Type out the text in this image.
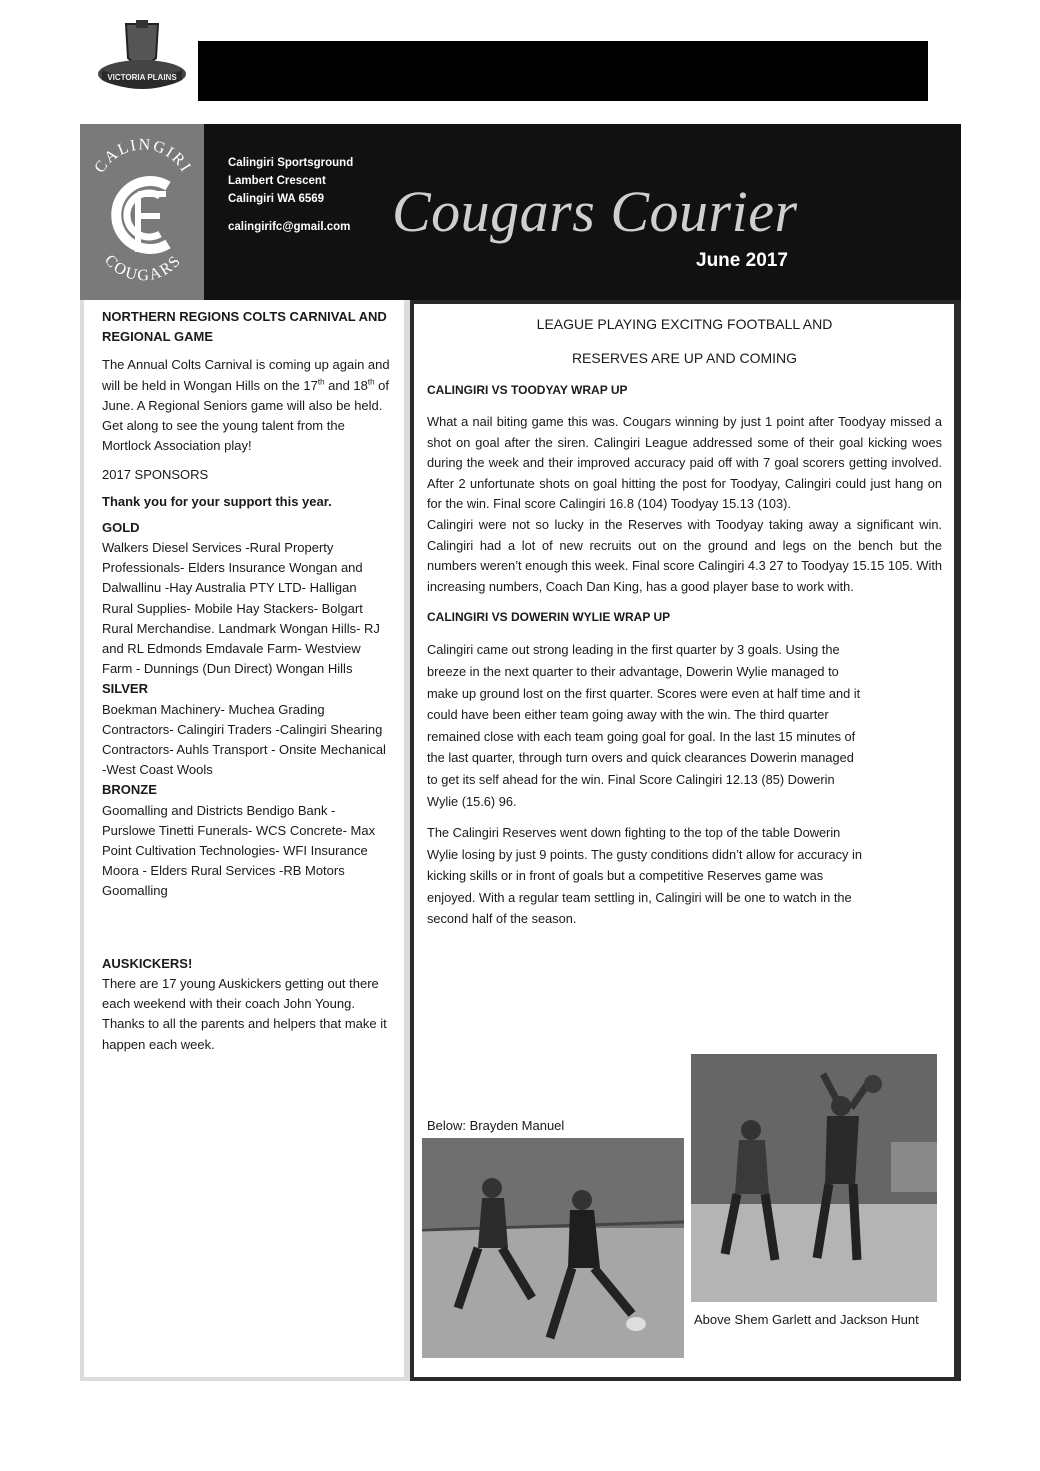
VICTORIA PLAINS
CALINGIRI
COUGARS
Calingiri Sportsground
Lambert Crescent
Calingiri WA 6569
calingirifc@gmail.com Cougars Courier
June 2017
NORTHERN REGIONS COLTS CARNIVAL AND REGIONAL GAME

The Annual Colts Carnival is coming up again and will be held in Wongan Hills on the 17th and 18th of June. A Regional Seniors game will also be held. Get along to see the young talent from the Mortlock Association play!

2017 SPONSORS
Thank you for your support this year.
GOLD

Walkers Diesel Services -Rural Property Professionals- Elders Insurance Wongan and Dalwallinu -Hay Australia PTY LTD- Halligan Rural Supplies- Mobile Hay Stackers- Bolgart Rural Merchandise. Landmark Wongan Hills- RJ and RL Edmonds Emdavale Farm- Westview Farm - Dunnings (Dun Direct) Wongan Hills

SILVER

Boekman Machinery- Muchea Grading Contractors- Calingiri Traders -Calingiri Shearing Contractors- Auhls Transport - Onsite Mechanical -West Coast Wools

BRONZE

Goomalling and Districts Bendigo Bank - Purslowe Tinetti Funerals- WCS Concrete- Max Point Cultivation Technologies- WFI Insurance Moora - Elders Rural Services -RB Motors Goomalling

AUSKICKERS!

There are 17 young Auskickers getting out there each weekend with their coach John Young. Thanks to all the parents and helpers that make it happen each week.

LEAGUE PLAYING EXCITNG FOOTBALL AND
RESERVES ARE UP AND COMING
CALINGIRI VS TOODYAY WRAP UP

What a nail biting game this was. Cougars winning by just 1 point after Toodyay missed a shot on goal after the siren. Calingiri League addressed some of their goal kicking woes during the week and their improved accuracy paid off with 7 goal scorers getting involved. After 2 unfortunate shots on goal hitting the post for Toodyay, Calingiri could just hang on for the win. Final score Calingiri 16.8 (104) Toodyay 15.13 (103).

Calingiri were not so lucky in the Reserves with Toodyay taking away a significant win. Calingiri had a lot of new recruits out on the ground and legs on the bench but the numbers weren’t enough this week. Final score Calingiri 4.3 27 to Toodyay 15.15 105. With increasing numbers, Coach Dan King, has a good player base to work with.

CALINGIRI VS DOWERIN WYLIE WRAP UP

Calingiri came out strong leading in the first quarter by 3 goals. Using the breeze in the next quarter to their advantage, Dowerin Wylie managed to make up ground lost on the first quarter. Scores were even at half time and it could have been either team going away with the win. The third quarter remained close with each team going goal for goal. In the last 15 minutes of the last quarter, through turn overs and quick clearances Dowerin managed to get its self ahead for the win. Final Score Calingiri 12.13 (85) Dowerin Wylie (15.6) 96.

The Calingiri Reserves went down fighting to the top of the table Dowerin Wylie losing by just 9 points. The gusty conditions didn’t allow for accuracy in kicking skills or in front of goals but a competitive Reserves game was enjoyed. With a regular team settling in, Calingiri will be one to watch in the second half of the season.

Below: Brayden Manuel
Above Shem Garlett and Jackson Hunt
